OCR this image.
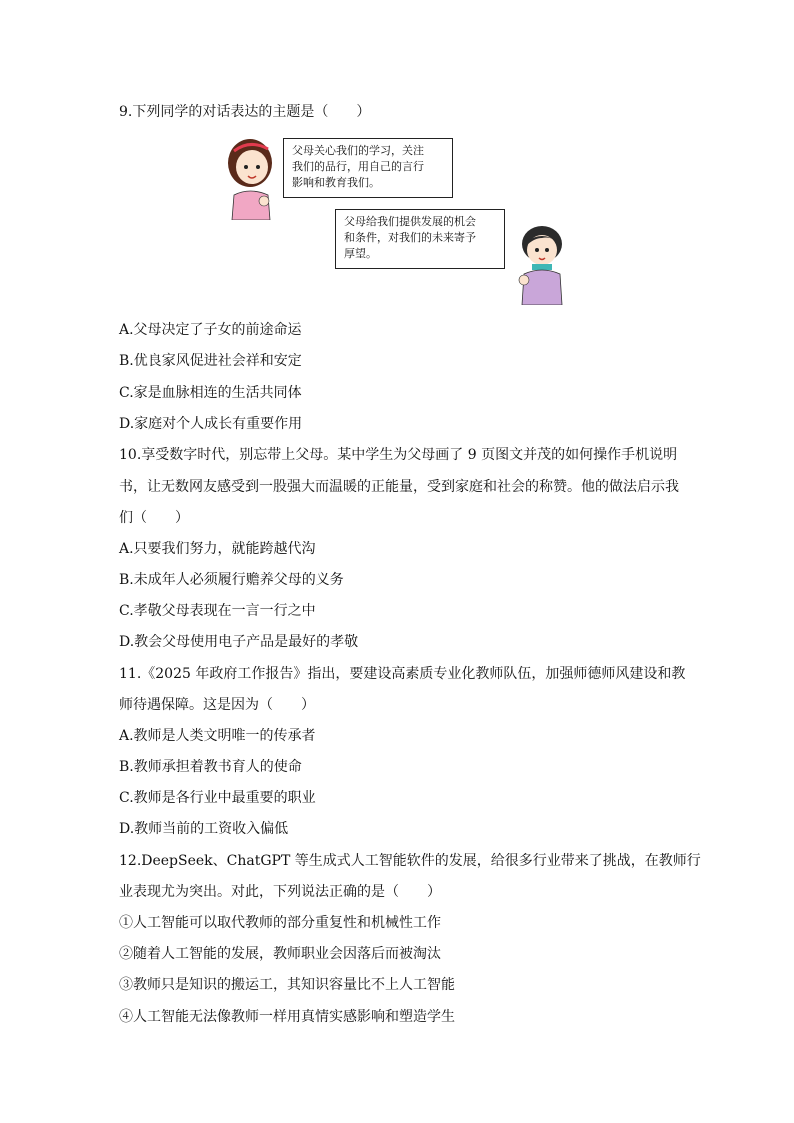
9.下列同学的对话表达的主题是（　　）
父母关心我们的学习，关注
我们的品行，用自己的言行
影响和教育我们。
父母给我们提供发展的机会
和条件，对我们的未来寄予
厚望。
A.父母决定了子女的前途命运
B.优良家风促进社会祥和安定
C.家是血脉相连的生活共同体
D.家庭对个人成长有重要作用
10.享受数字时代，别忘带上父母。某中学生为父母画了 9 页图文并茂的如何操作手机说明
书，让无数网友感受到一股强大而温暖的正能量，受到家庭和社会的称赞。他的做法启示我
们（　　）
A.只要我们努力，就能跨越代沟
B.未成年人必须履行赡养父母的义务
C.孝敬父母表现在一言一行之中
D.教会父母使用电子产品是最好的孝敬
11.《2025 年政府工作报告》指出，要建设高素质专业化教师队伍，加强师德师风建设和教
师待遇保障。这是因为（　　）
A.教师是人类文明唯一的传承者
B.教师承担着教书育人的使命
C.教师是各行业中最重要的职业
D.教师当前的工资收入偏低
12.DeepSeek、ChatGPT 等生成式人工智能软件的发展，给很多行业带来了挑战，在教师行
业表现尤为突出。对此，下列说法正确的是（　　）
①人工智能可以取代教师的部分重复性和机械性工作
②随着人工智能的发展，教师职业会因落后而被淘汰
③教师只是知识的搬运工，其知识容量比不上人工智能
④人工智能无法像教师一样用真情实感影响和塑造学生
